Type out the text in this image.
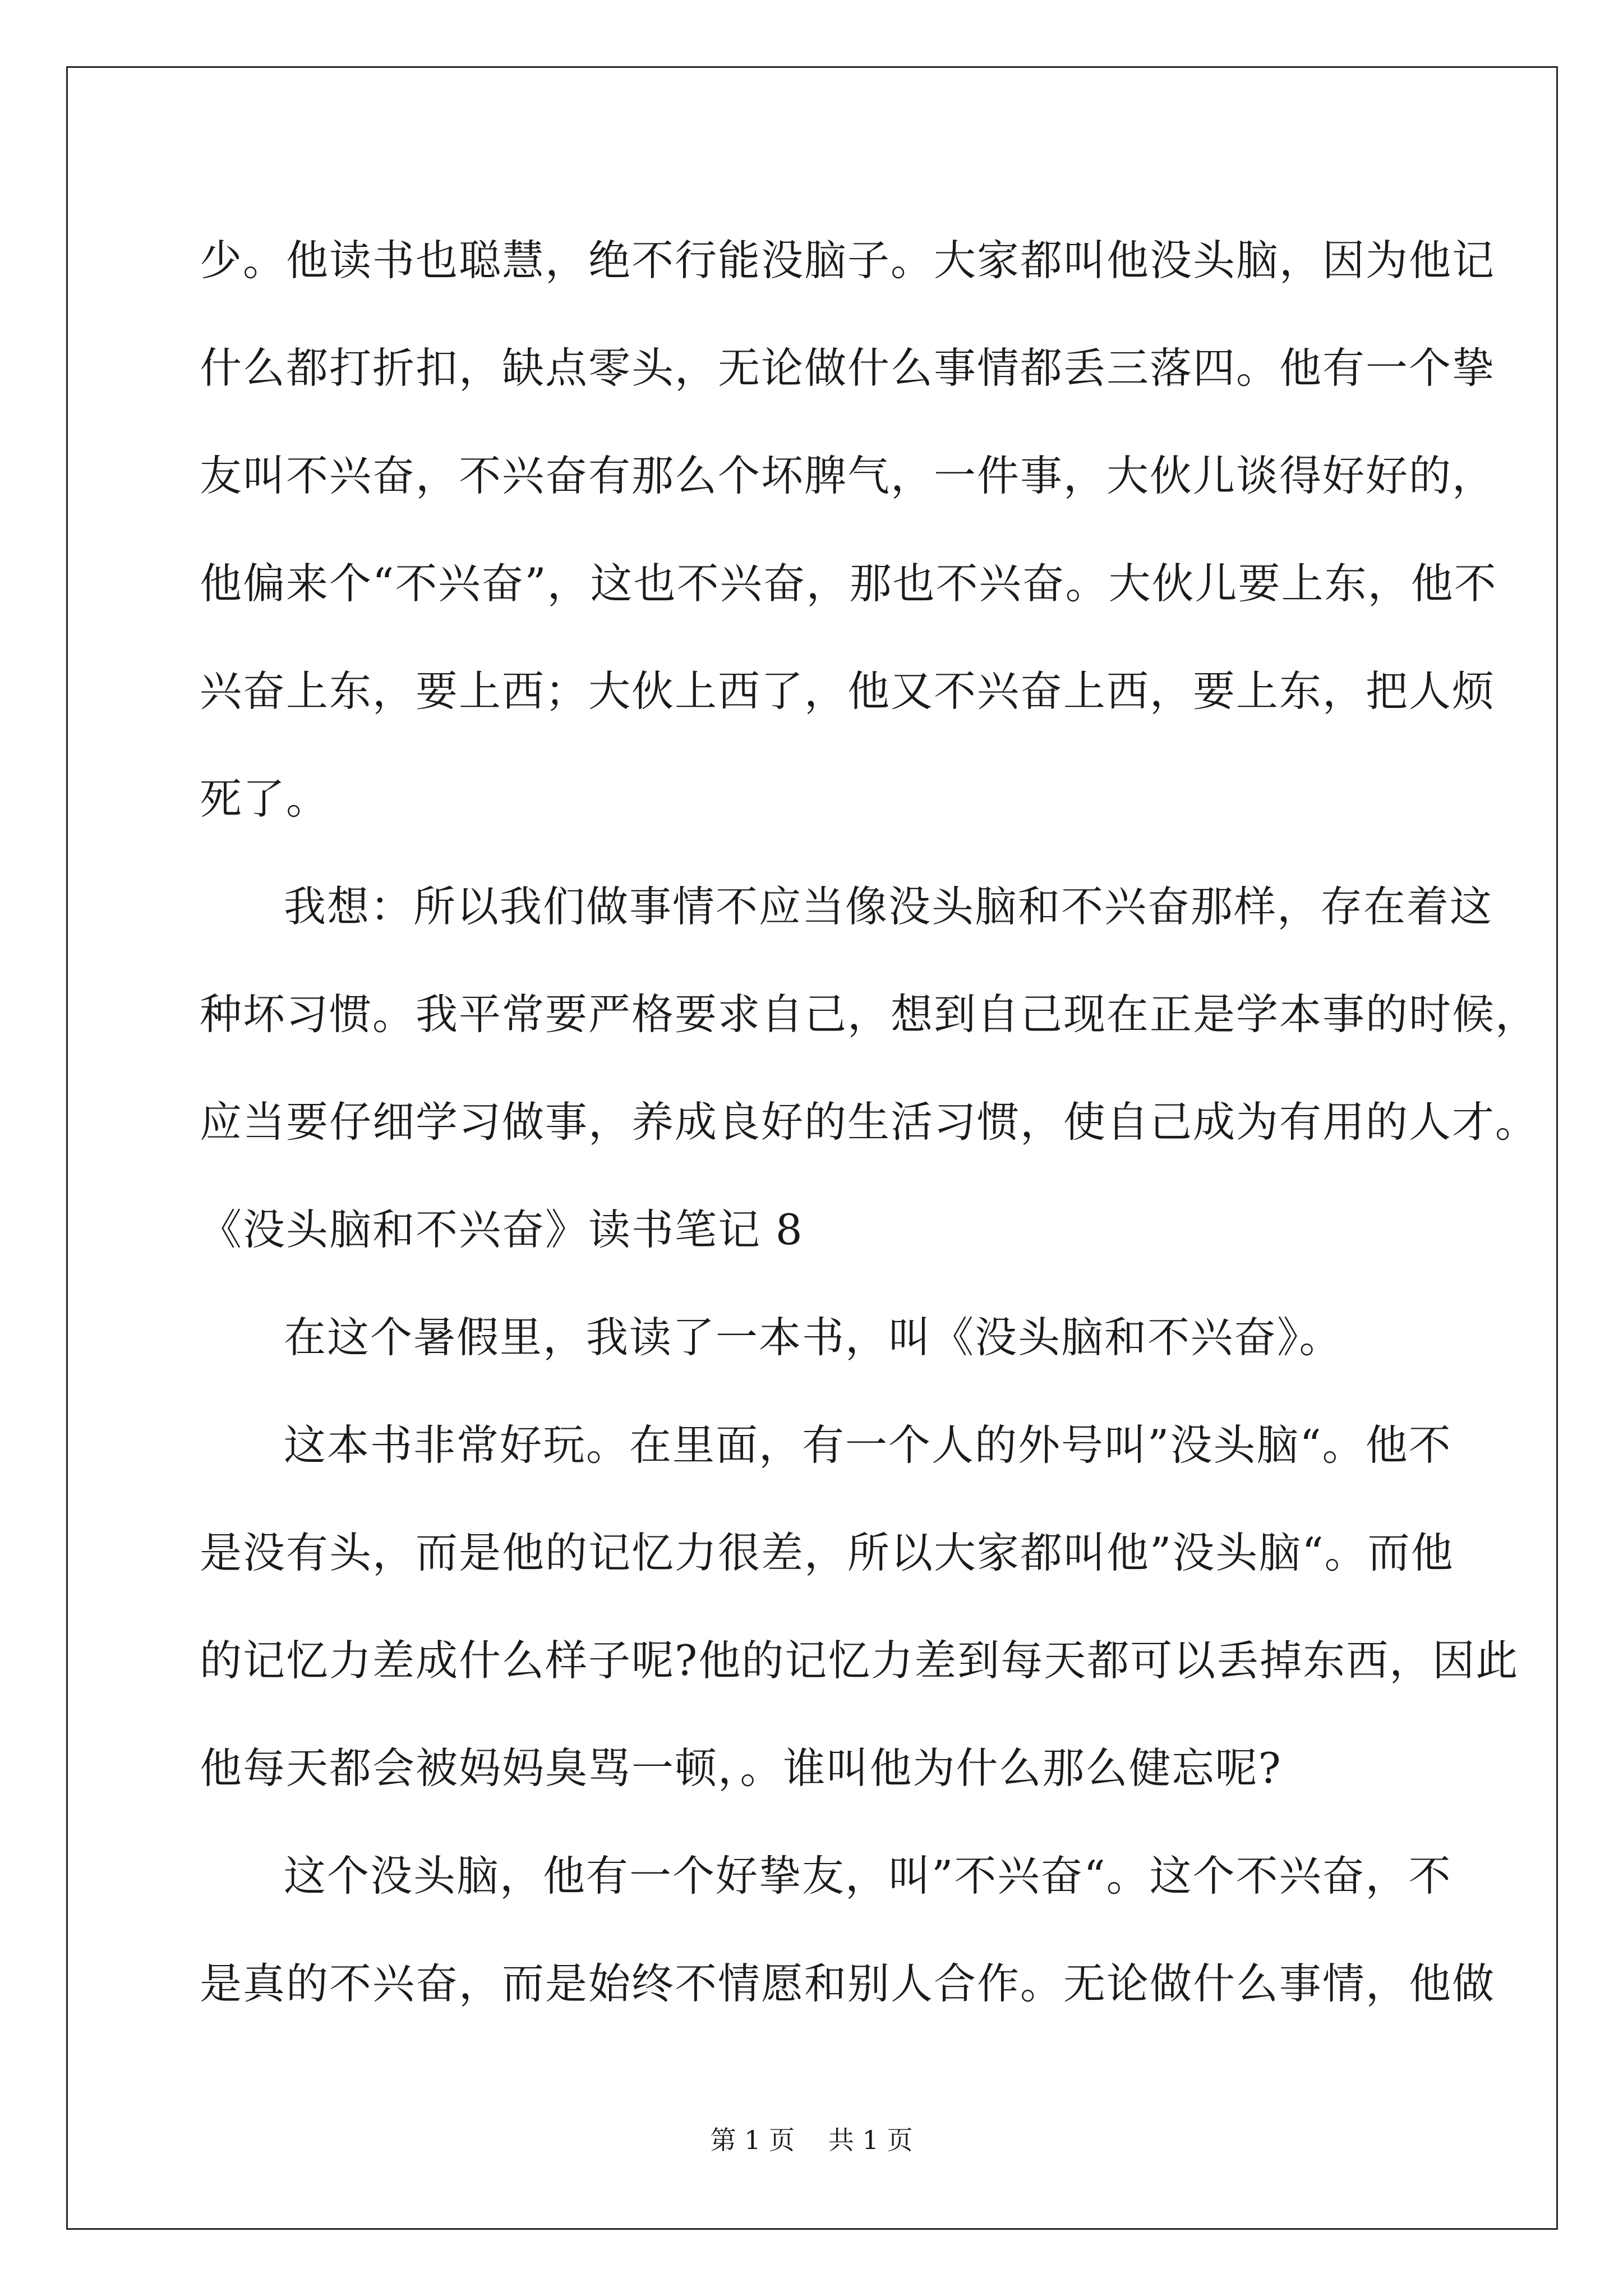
少。他读书也聪慧，绝不行能没脑子。大家都叫他没头脑，因为他记
什么都打折扣，缺点零头，无论做什么事情都丢三落四。他有一个挚
友叫不兴奋，不兴奋有那么个坏脾气，一件事，大伙儿谈得好好的，
他偏来个“不兴奋”，这也不兴奋，那也不兴奋。大伙儿要上东，他不
兴奋上东，要上西；大伙上西了，他又不兴奋上西，要上东，把人烦
死了。
我想：所以我们做事情不应当像没头脑和不兴奋那样，存在着这
种坏习惯。我平常要严格要求自己，想到自己现在正是学本事的时候，
应当要仔细学习做事，养成良好的生活习惯，使自己成为有用的人才。
《没头脑和不兴奋》读书笔记 8
在这个暑假里，我读了一本书，叫《没头脑和不兴奋》。
这本书非常好玩。在里面，有一个人的外号叫”没头脑“。他不
是没有头，而是他的记忆力很差，所以大家都叫他”没头脑“。而他
的记忆力差成什么样子呢?他的记忆力差到每天都可以丢掉东西，因此
他每天都会被妈妈臭骂一顿，。谁叫他为什么那么健忘呢?
这个没头脑，他有一个好挚友，叫”不兴奋“。这个不兴奋，不
是真的不兴奋，而是始终不情愿和别人合作。无论做什么事情，他做
第 1 页 共 1 页
